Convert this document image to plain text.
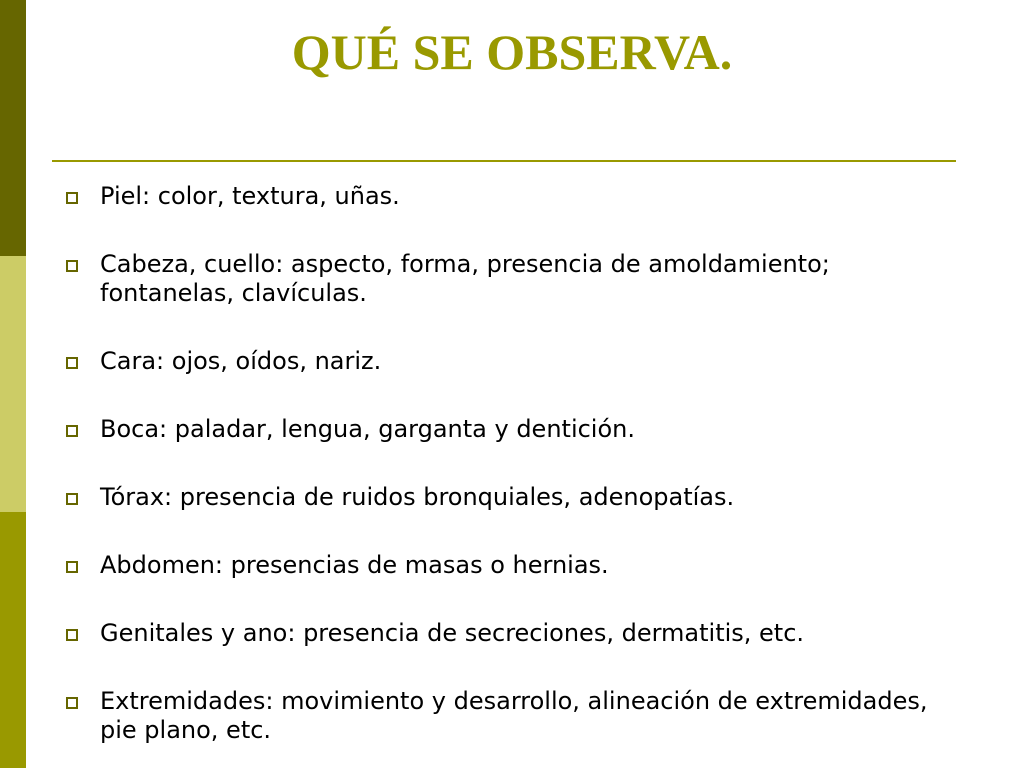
QUÉ SE OBSERVA.
Piel: color, textura, uñas.
Cabeza, cuello: aspecto, forma, presencia de amoldamiento; fontanelas, clavículas.
Cara: ojos, oídos, nariz.
Boca: paladar, lengua, garganta y dentición.
Tórax: presencia de ruidos bronquiales, adenopatías.
Abdomen: presencias de masas o hernias.
Genitales y ano: presencia de secreciones, dermatitis, etc.
Extremidades: movimiento y desarrollo, alineación de extremidades, pie plano, etc.
